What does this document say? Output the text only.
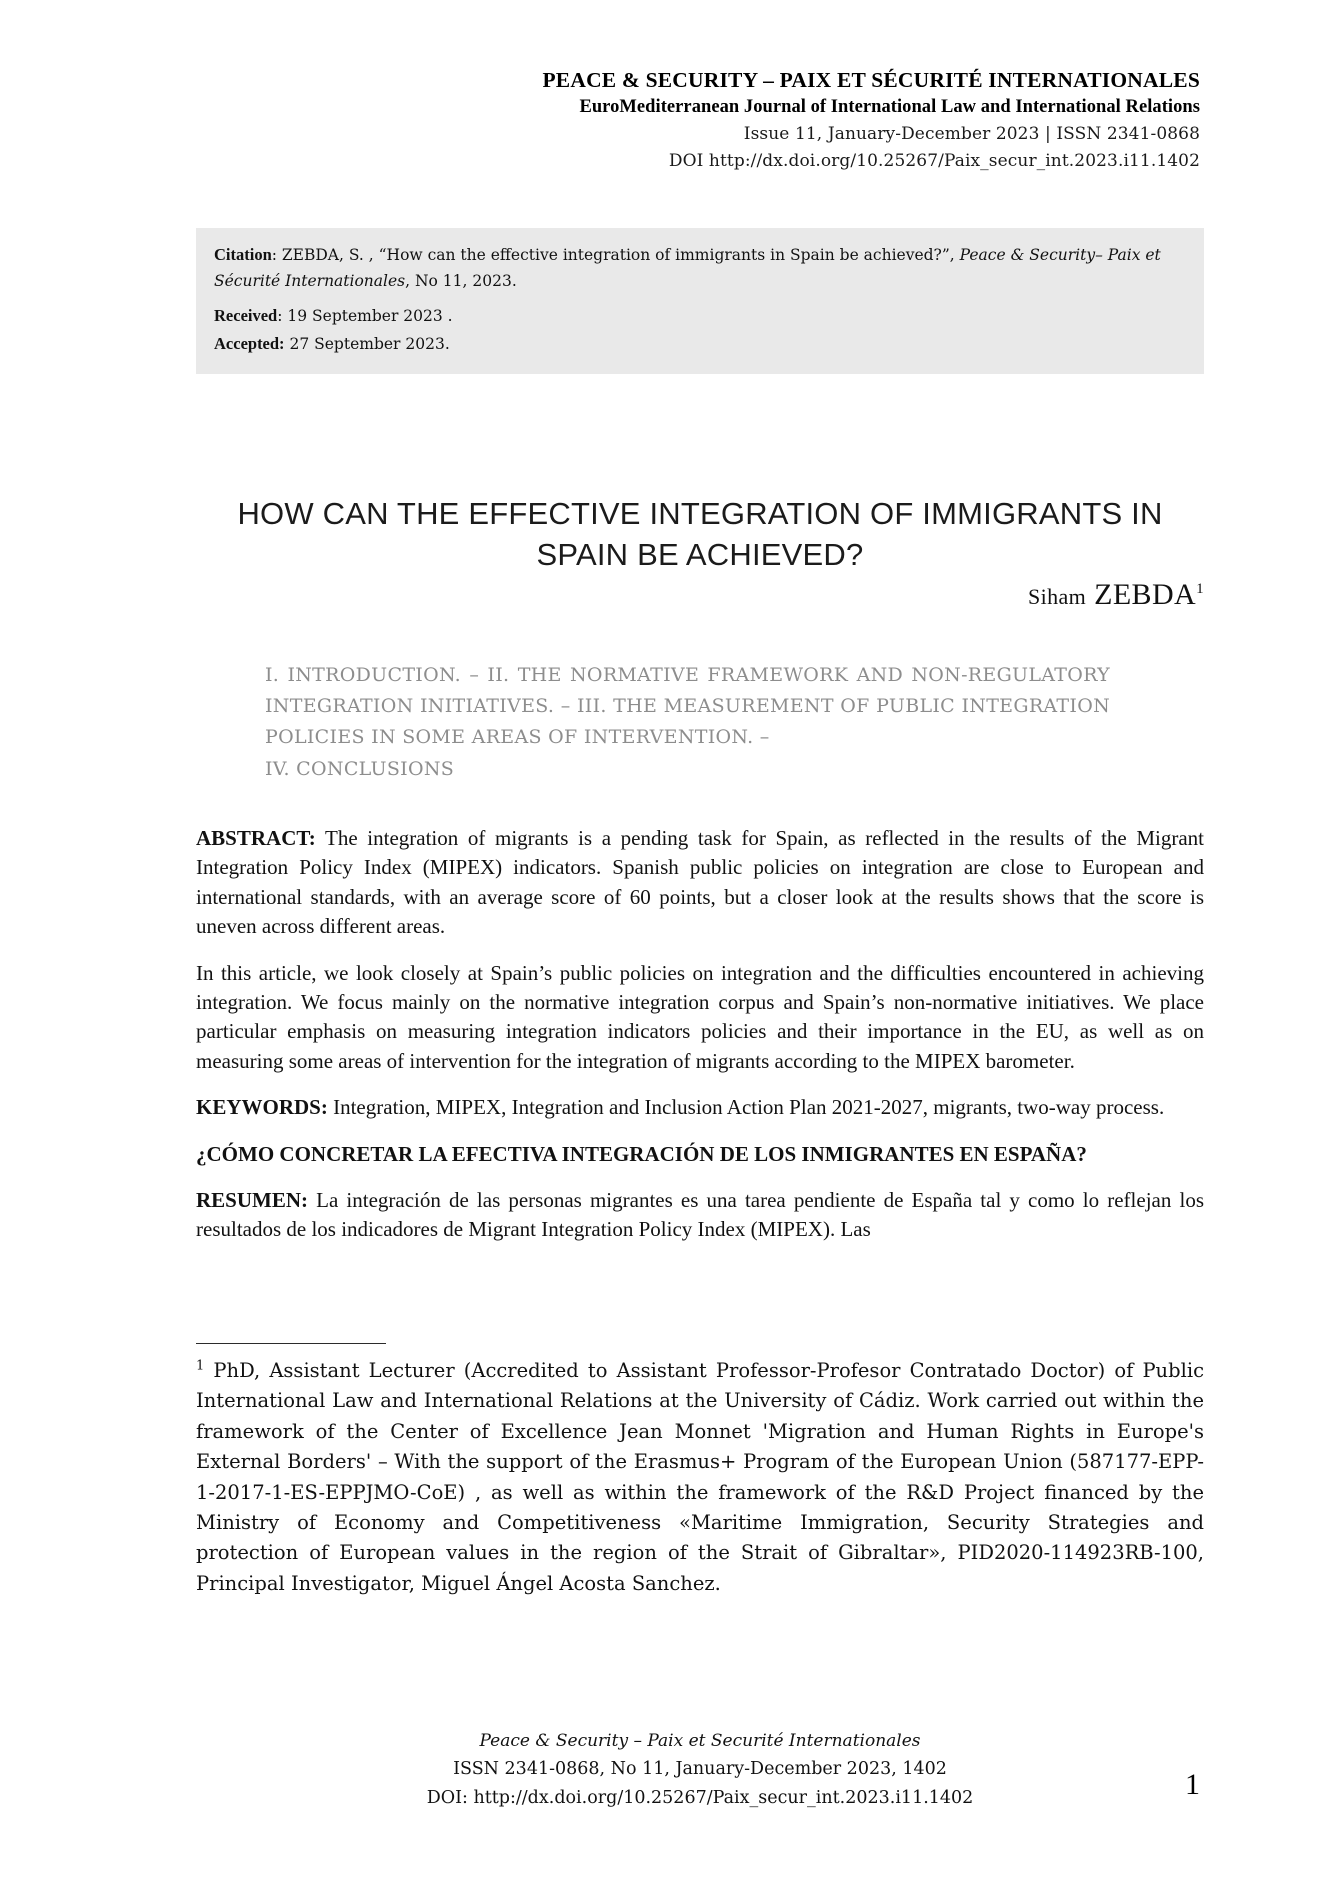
PEACE & SECURITY – PAIX ET SÉCURITÉ INTERNATIONALES
EuroMediterranean Journal of International Law and International Relations
Issue 11, January-December 2023 | ISSN 2341-0868
DOI http://dx.doi.org/10.25267/Paix_secur_int.2023.i11.1402
Citation: ZEBDA, S. , “How can the effective integration of immigrants in Spain be achieved?”, Peace & Security– Paix et Sécurité Internationales, No 11, 2023.
Received: 19 September 2023 .
Accepted: 27 September 2023.
HOW CAN THE EFFECTIVE INTEGRATION OF IMMIGRANTS IN SPAIN BE ACHIEVED?
Siham ZEBDA$^1$
I. INTRODUCTION. – II. THE NORMATIVE FRAMEWORK AND NON-REGULATORY INTEGRATION INITIATIVES. – III. THE MEASUREMENT OF PUBLIC INTEGRATION POLICIES IN SOME AREAS OF INTERVENTION. –
IV. CONCLUSIONS

ABSTRACT: The integration of migrants is a pending task for Spain, as reflected in the results of the Migrant Integration Policy Index (MIPEX) indicators. Spanish public policies on integration are close to European and international standards, with an average score of 60 points, but a closer look at the results shows that the score is uneven across different areas.

In this article, we look closely at Spain’s public policies on integration and the difficulties encountered in achieving integration. We focus mainly on the normative integration corpus and Spain’s non-normative initiatives. We place particular emphasis on measuring integration indicators policies and their importance in the EU, as well as on measuring some areas of intervention for the integration of migrants according to the MIPEX barometer.

KEYWORDS: Integration, MIPEX, Integration and Inclusion Action Plan 2021-2027, migrants, two-way process.

¿CÓMO CONCRETAR LA EFECTIVA INTEGRACIÓN DE LOS INMIGRANTES EN ESPAÑA?

RESUMEN: La integración de las personas migrantes es una tarea pendiente de España tal y como lo reflejan los resultados de los indicadores de Migrant Integration Policy Index (MIPEX). Las

$^1$ PhD, Assistant Lecturer (Accredited to Assistant Professor-Profesor Contratado Doctor) of Public International Law and International Relations at the University of Cádiz. Work carried out within the framework of the Center of Excellence Jean Monnet 'Migration and Human Rights in Europe's External Borders' – With the support of the Erasmus+ Program of the European Union (587177-EPP-1-2017-1-ES-EPPJMO-CoE) , as well as within the framework of the R&D Project financed by the Ministry of Economy and Competitiveness «Maritime Immigration, Security Strategies and protection of European values in the region of the Strait of Gibraltar», PID2020-114923RB-100, Principal Investigator, Miguel Ángel Acosta Sanchez.
Peace & Security – Paix et Securité Internationales
ISSN 2341-0868, No 11, January-December 2023, 1402
DOI: http://dx.doi.org/10.25267/Paix_secur_int.2023.i11.1402	1
